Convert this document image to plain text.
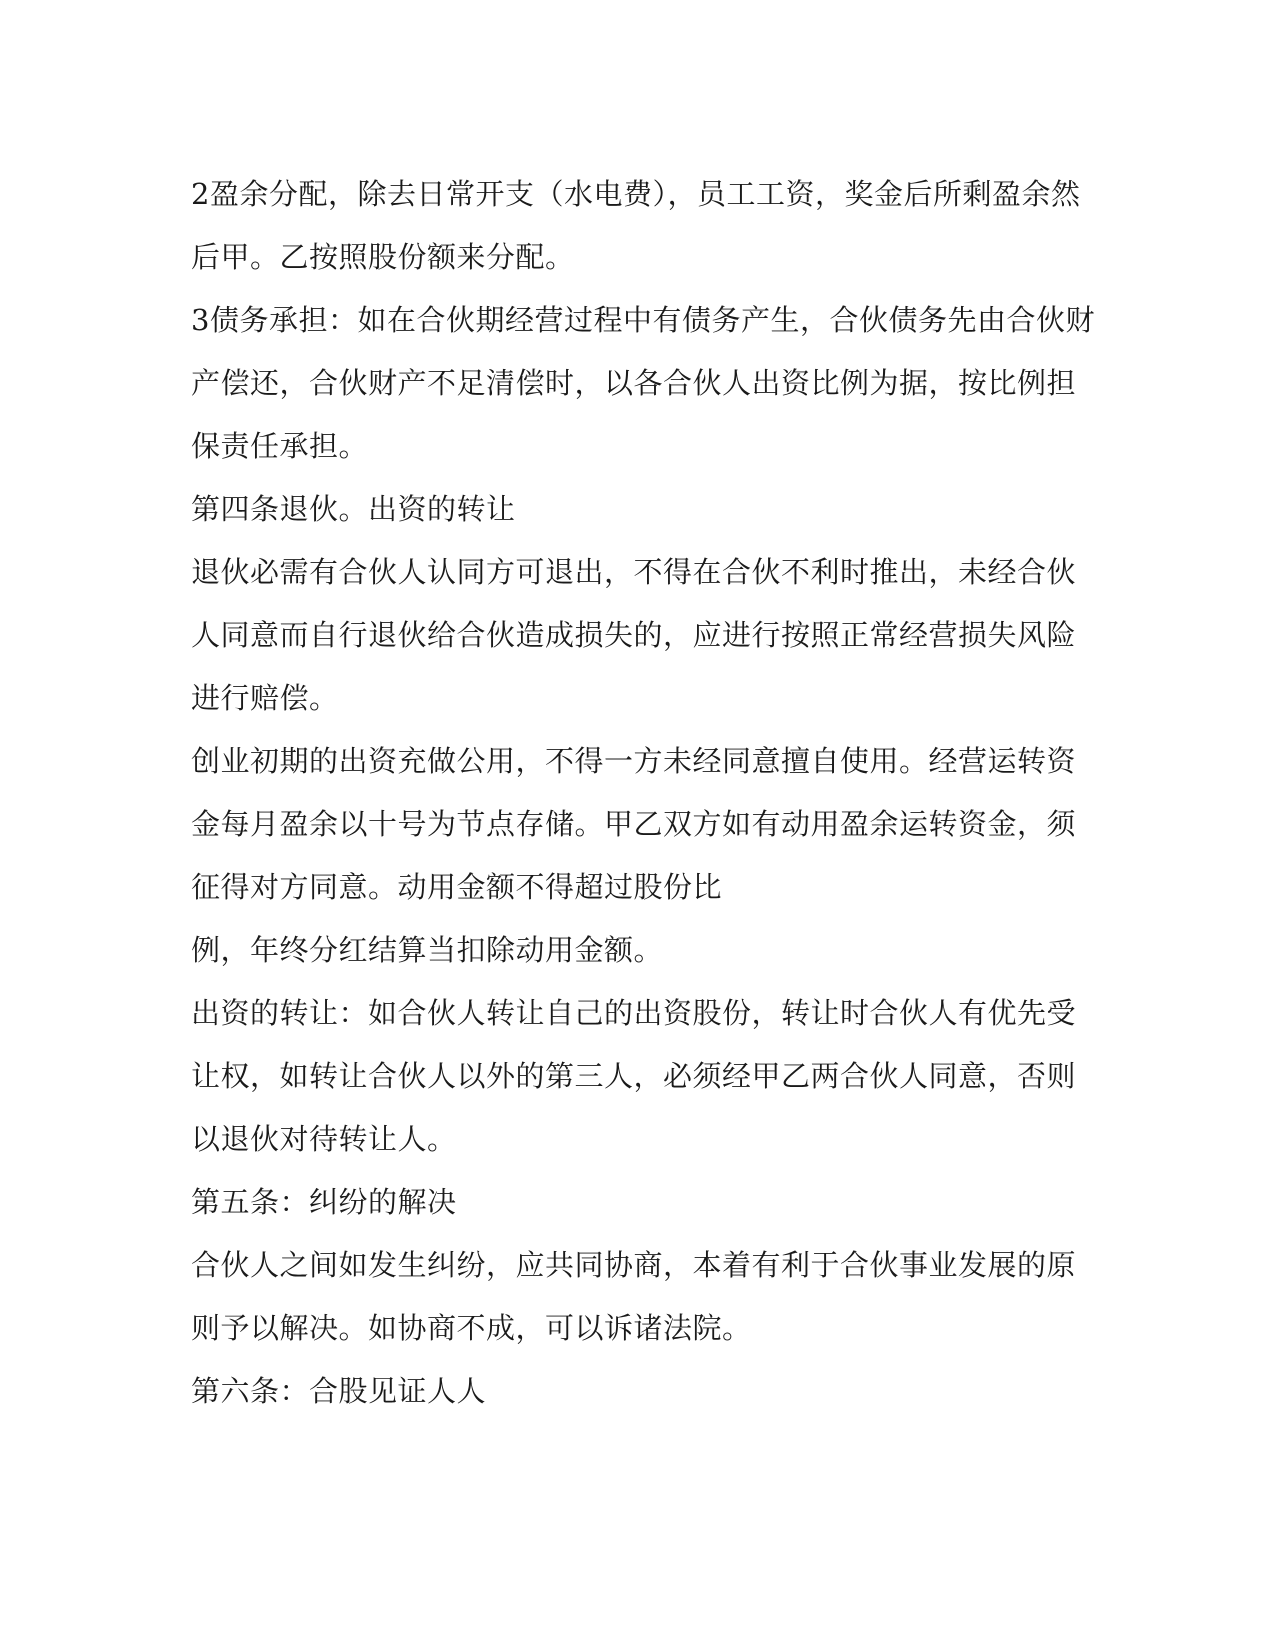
2盈余分配，除去日常开支（水电费），员工工资，奖金后所剩盈余然
后甲。乙按照股份额来分配。
3债务承担：如在合伙期经营过程中有债务产生，合伙债务先由合伙财
产偿还，合伙财产不足清偿时，以各合伙人出资比例为据，按比例担
保责任承担。
第四条退伙。出资的转让
退伙必需有合伙人认同方可退出，不得在合伙不利时推出，未经合伙
人同意而自行退伙给合伙造成损失的，应进行按照正常经营损失风险
进行赔偿。
创业初期的出资充做公用，不得一方未经同意擅自使用。经营运转资
金每月盈余以十号为节点存储。甲乙双方如有动用盈余运转资金，须
征得对方同意。动用金额不得超过股份比
例，年终分红结算当扣除动用金额。
出资的转让：如合伙人转让自己的出资股份，转让时合伙人有优先受
让权，如转让合伙人以外的第三人，必须经甲乙两合伙人同意，否则
以退伙对待转让人。
第五条：纠纷的解决
合伙人之间如发生纠纷，应共同协商，本着有利于合伙事业发展的原
则予以解决。如协商不成，可以诉诸法院。
第六条：合股见证人人
